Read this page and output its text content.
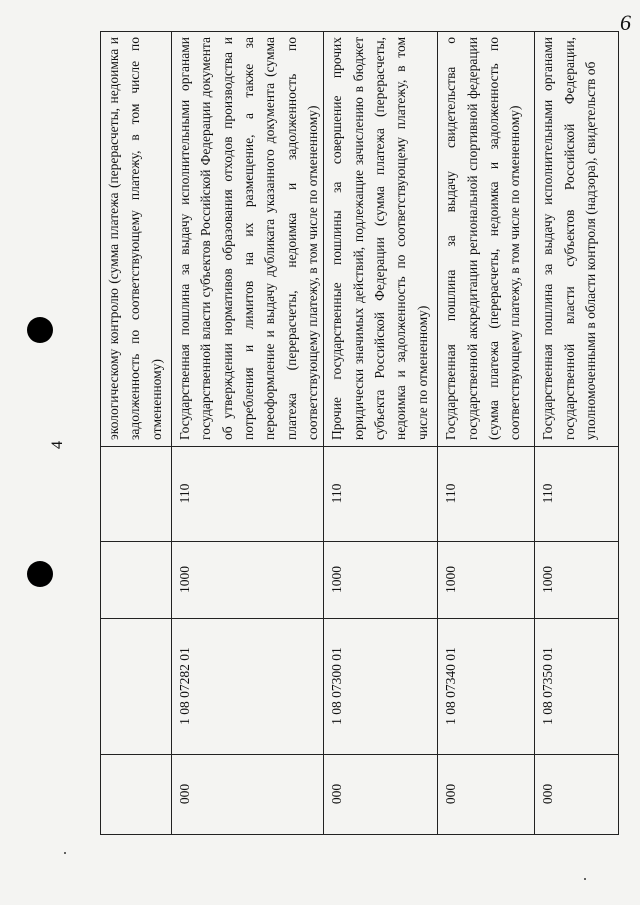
4
6
				экологическому контролю (сумма платежа (перерасчеты, недоимка и задолженность по соответствующему платежу, в том числе по отмененному)
000	1 08 07282 01	1000	110	Государственная пошлина за выдачу исполнительными органами государственной власти субъектов Российской Федерации документа об утверждении нормативов образования отходов производства и потребления и лимитов на их размещение, а также за переоформление и выдачу дубликата указанного документа (сумма платежа (перерасчеты, недоимка и задолженность по соответствующему платежу, в том числе по отмененному)
000	1 08 07300 01	1000	110	Прочие государственные пошлины за совершение прочих юридически значимых действий, подлежащие зачислению в бюджет субъекта Российской Федерации (сумма платежа (перерасчеты, недоимка и задолженность по соответствующему платежу, в том числе по отмененному)
000	1 08 07340 01	1000	110	Государственная пошлина за выдачу свидетельства о государственной аккредитации региональной спортивной федерации (сумма платежа (перерасчеты, недоимка и задолженность по соответствующему платежу, в том числе по отмененному)
000	1 08 07350 01	1000	110	Государственная пошлина за выдачу исполнительными органами государственной власти субъектов Российской Федерации, уполномоченными в области контроля (надзора), свидетельств об
